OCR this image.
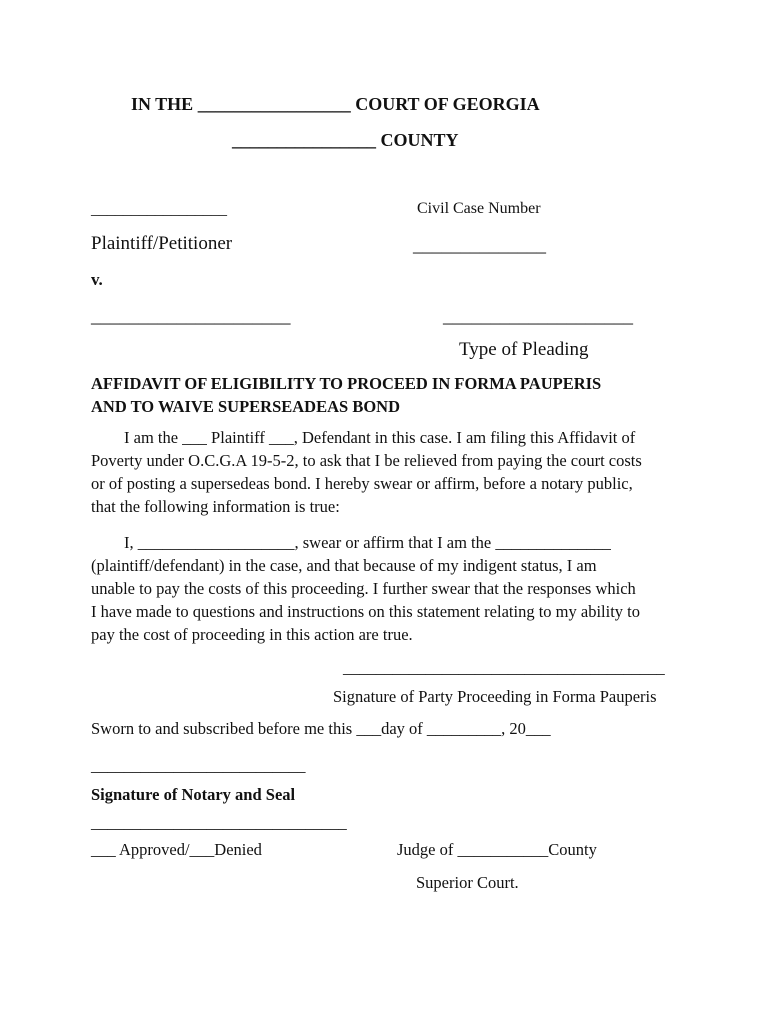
IN THE _________________ COURT OF GEORGIA
________________ COUNTY
_________________	Civil Case Number
Plaintiff/Petitioner	______________
v.
_____________________	____________________
Type of Pleading
AFFIDAVIT OF ELIGIBILITY TO PROCEED IN FORMA PAUPERIS
AND TO WAIVE SUPERSEADEAS BOND
I am the ___ Plaintiff ___, Defendant in this case. I am filing this Affidavit of
Poverty under O.C.G.A 19-5-2, to ask that I be relieved from paying the court costs
or of posting a supersedeas bond. I hereby swear or affirm, before a notary public,
that the following information is true:
I, ___________________, swear or affirm that I am the ______________
(plaintiff/defendant) in the case, and that because of my indigent status, I am
unable to pay the costs of this proceeding. I further swear that the responses which
I have made to questions and instructions on this statement relating to my ability to
pay the cost of proceeding in this action are true.
_______________________________________
Signature of Party Proceeding in Forma Pauperis
Sworn to and subscribed before me this ___day of _________, 20___
__________________________
Signature of Notary and Seal
_______________________________
___ Approved/___Denied	Judge of ___________County
Superior Court.
